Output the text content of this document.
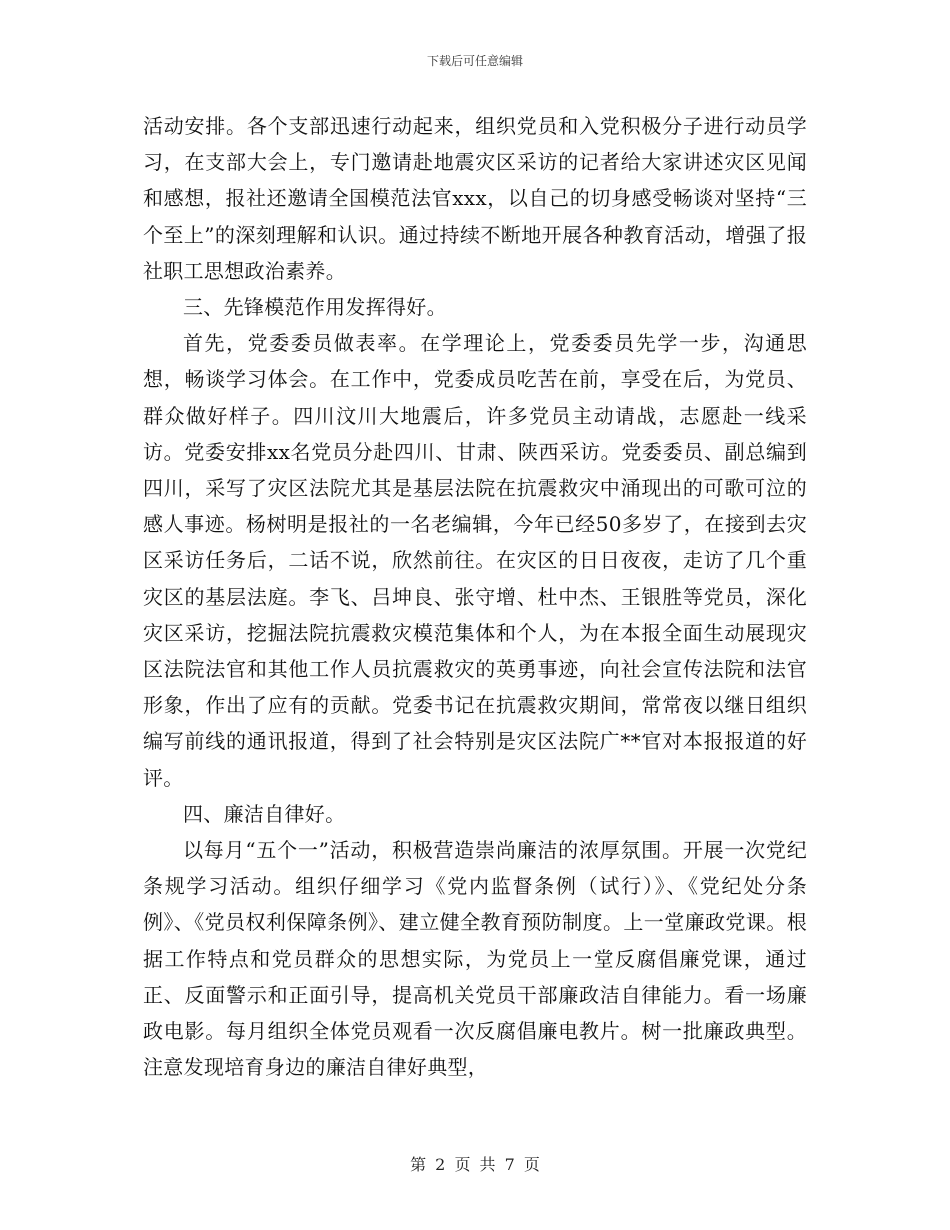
下载后可任意编辑

活动安排。各个支部迅速行动起来，组织党员和入党积极分子进行动员学习，在支部大会上，专门邀请赴地震灾区采访的记者给大家讲述灾区见闻和感想，报社还邀请全国模范法官xxx，以自己的切身感受畅谈对坚持“三个至上”的深刻理解和认识。通过持续不断地开展各种教育活动，增强了报社职工思想政治素养。

三、先锋模范作用发挥得好。

首先，党委委员做表率。在学理论上，党委委员先学一步，沟通思想，畅谈学习体会。在工作中，党委成员吃苦在前，享受在后，为党员、群众做好样子。四川汶川大地震后，许多党员主动请战，志愿赴一线采访。党委安排xx名党员分赴四川、甘肃、陕西采访。党委委员、副总编到四川，采写了灾区法院尤其是基层法院在抗震救灾中涌现出的可歌可泣的感人事迹。杨树明是报社的一名老编辑，今年已经50多岁了，在接到去灾区采访任务后，二话不说，欣然前往。在灾区的日日夜夜，走访了几个重灾区的基层法庭。李飞、吕坤良、张守增、杜中杰、王银胜等党员，深化灾区采访，挖掘法院抗震救灾模范集体和个人，为在本报全面生动展现灾区法院法官和其他工作人员抗震救灾的英勇事迹，向社会宣传法院和法官形象，作出了应有的贡献。党委书记在抗震救灾期间，常常夜以继日组织编写前线的通讯报道，得到了社会特别是灾区法院广**官对本报报道的好评。

四、廉洁自律好。

以每月“五个一”活动，积极营造崇尚廉洁的浓厚氛围。开展一次党纪条规学习活动。组织仔细学习《党内监督条例（试行）》、《党纪处分条例》、《党员权利保障条例》、建立健全教育预防制度。上一堂廉政党课。根据工作特点和党员群众的思想实际，为党员上一堂反腐倡廉党课，通过正、反面警示和正面引导，提高机关党员干部廉政洁自律能力。看一场廉政电影。每月组织全体党员观看一次反腐倡廉电教片。树一批廉政典型。注意发现培育身边的廉洁自律好典型，

第 2 页 共 7 页
